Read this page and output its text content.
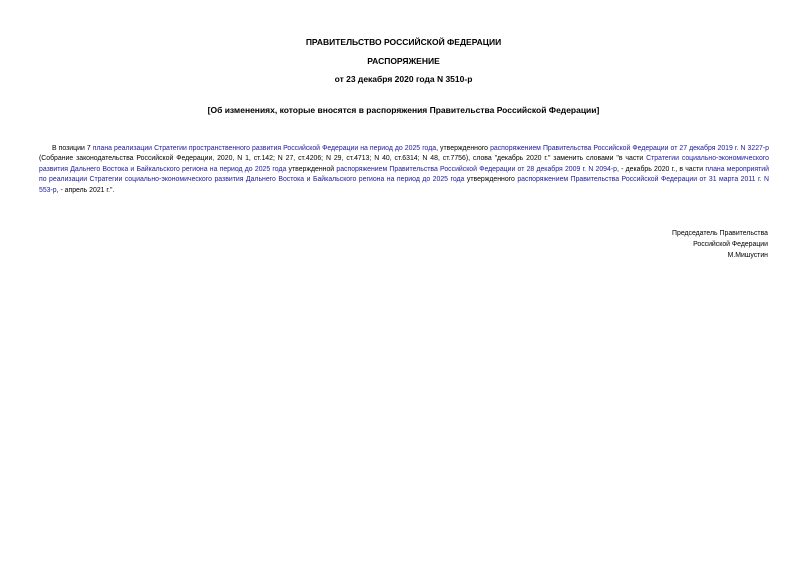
ПРАВИТЕЛЬСТВО РОССИЙСКОЙ ФЕДЕРАЦИИ
РАСПОРЯЖЕНИЕ
от 23 декабря 2020 года N 3510-р
[Об изменениях, которые вносятся в распоряжения Правительства Российской Федерации]
В позиции 7 плана реализации Стратегии пространственного развития Российской Федерации на период до 2025 года, утвержденного распоряжением Правительства Российской Федерации от 27 декабря 2019 г. N 3227-р (Собрание законодательства Российской Федерации, 2020, N 1, ст.142; N 27, ст.4206; N 29, ст.4713; N 40, ст.6314; N 48, ст.7756), слова "декабрь 2020 г." заменить словами "в части Стратегии социально-экономического развития Дальнего Востока и Байкальского региона на период до 2025 года утвержденной распоряжением Правительства Российской Федерации от 28 декабря 2009 г. N 2094-р, - декабрь 2020 г., в части плана мероприятий по реализации Стратегии социально-экономического развития Дальнего Востока и Байкальского региона на период до 2025 года утвержденного распоряжением Правительства Российской Федерации от 31 марта 2011 г. N 553-р, - апрель 2021 г.".
Председатель Правительства
Российской Федерации
М.Мишустин
